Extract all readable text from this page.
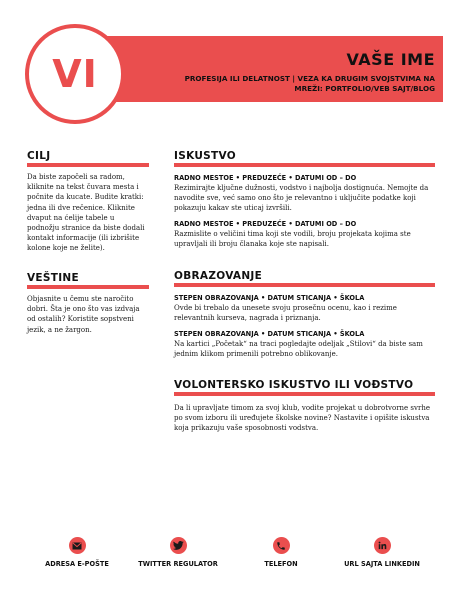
VI	VAŠE IME
PROFESIJA ILI DELATNOST | VEZA KA DRUGIM SVOJSTVIMA NA MREŽI: PORTFOLIO/VEB SAJT/BLOG
CILJ
Da biste započeli sa radom, kliknite na tekst čuvara mesta i počnite da kucate. Budite kratki: jedna ili dve rečenice. Kliknite dvaput na ćelije tabele u podnožju stranice da biste dodali kontakt informacije (ili izbrišite kolone koje ne želite).
VEŠTINE
Objasnite u čemu ste naročito dobri. Šta je ono što vas izdvaja od ostalih? Koristite sopstveni jezik, a ne žargon.
ISKUSTVO
RADNO MESTOE • PREDUZEĆE • DATUMI OD – DO
Rezimirajte ključne dužnosti, vodstvo i najbolja dostignuća. Nemojte da navodite sve, već samo ono što je relevantno i uključite podatke koji pokazuju kakav ste uticaj izvršili.
RADNO MESTOE • PREDUZEĆE • DATUMI OD – DO
Razmislite o veličini tima koji ste vodili, broju projekata kojima ste upravljali ili broju članaka koje ste napisali.
OBRAZOVANJE
STEPEN OBRAZOVANJA • DATUM STICANJA • ŠKOLA
Ovde bi trebalo da unesete svoju prosečnu ocenu, kao i rezime relevantnih kurseva, nagrada i priznanja.
STEPEN OBRAZOVANJA • DATUM STICANJA • ŠKOLA
Na kartici „Početak“ na traci pogledajte odeljak „Stilovi“ da biste sam jednim klikom primenili potrebno oblikovanje.
VOLONTERSKO ISKUSTVO ILI VOĐSTVO
Da li upravljate timom za svoj klub, vodite projekat u dobrotvorne svrhe po svom izboru ili uređujete školske novine? Nastavite i opišite iskustva koja prikazuju vaše sposobnosti vodstva.
ADRESA E-POŠTE	TWITTER REGULATOR	TELEFON	URL SAJTA LINKEDIN
